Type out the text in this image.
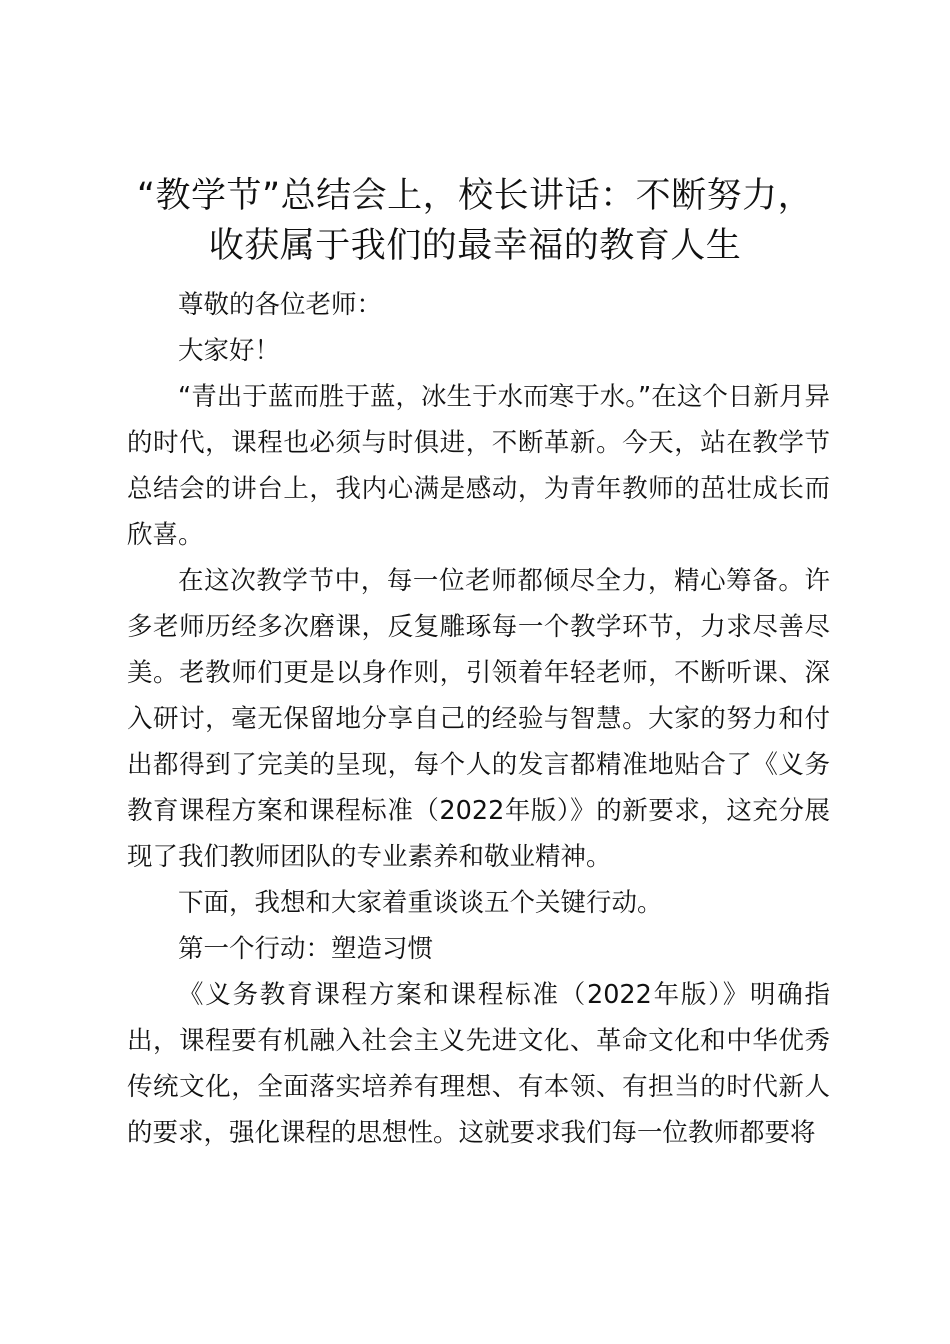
“教学节”总结会上，校长讲话：不断努力，
收获属于我们的最幸福的教育人生

尊敬的各位老师：

大家好！

“青出于蓝而胜于蓝，冰生于水而寒于水。”在这个日新月异的时代，课程也必须与时俱进，不断革新。今天，站在教学节总结会的讲台上，我内心满是感动，为青年教师的茁壮成长而欣喜。

在这次教学节中，每一位老师都倾尽全力，精心筹备。许多老师历经多次磨课，反复雕琢每一个教学环节，力求尽善尽美。老教师们更是以身作则，引领着年轻老师，不断听课、深入研讨，毫无保留地分享自己的经验与智慧。大家的努力和付出都得到了完美的呈现，每个人的发言都精准地贴合了《义务教育课程方案和课程标准（2022年版）》的新要求，这充分展现了我们教师团队的专业素养和敬业精神。

下面，我想和大家着重谈谈五个关键行动。

第一个行动：塑造习惯

《义务教育课程方案和课程标准（2022年版）》明确指出，课程要有机融入社会主义先进文化、革命文化和中华优秀传统文化，全面落实培养有理想、有本领、有担当的时代新人的要求，强化课程的思想性。这就要求我们每一位教师都要将
